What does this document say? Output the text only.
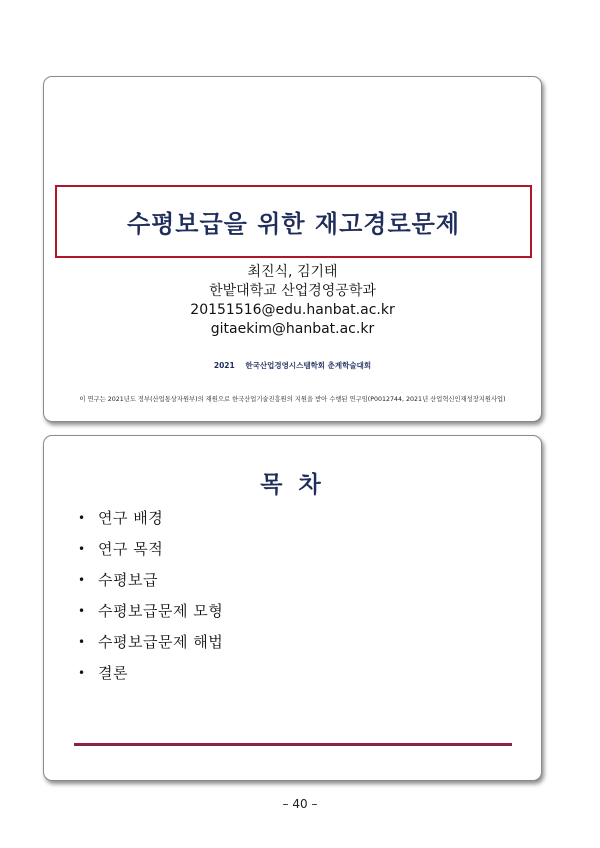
수평보급을 위한 재고경로문제
최진식, 김기태
한밭대학교 산업경영공학과
20151516@edu.hanbat.ac.kr
gitaekim@hanbat.ac.kr
2021 한국산업경영시스템학회 춘계학술대회
이 연구는 2021년도 정부(산업통상자원부)의 재원으로 한국산업기술진흥원의 지원을 받아 수행된 연구임(P0012744, 2021년 산업혁신인재성장지원사업)
목 차
• 연구 배경
• 연구 목적
• 수평보급
• 수평보급문제 모형
• 수평보급문제 해법
• 결론
– 40 –
